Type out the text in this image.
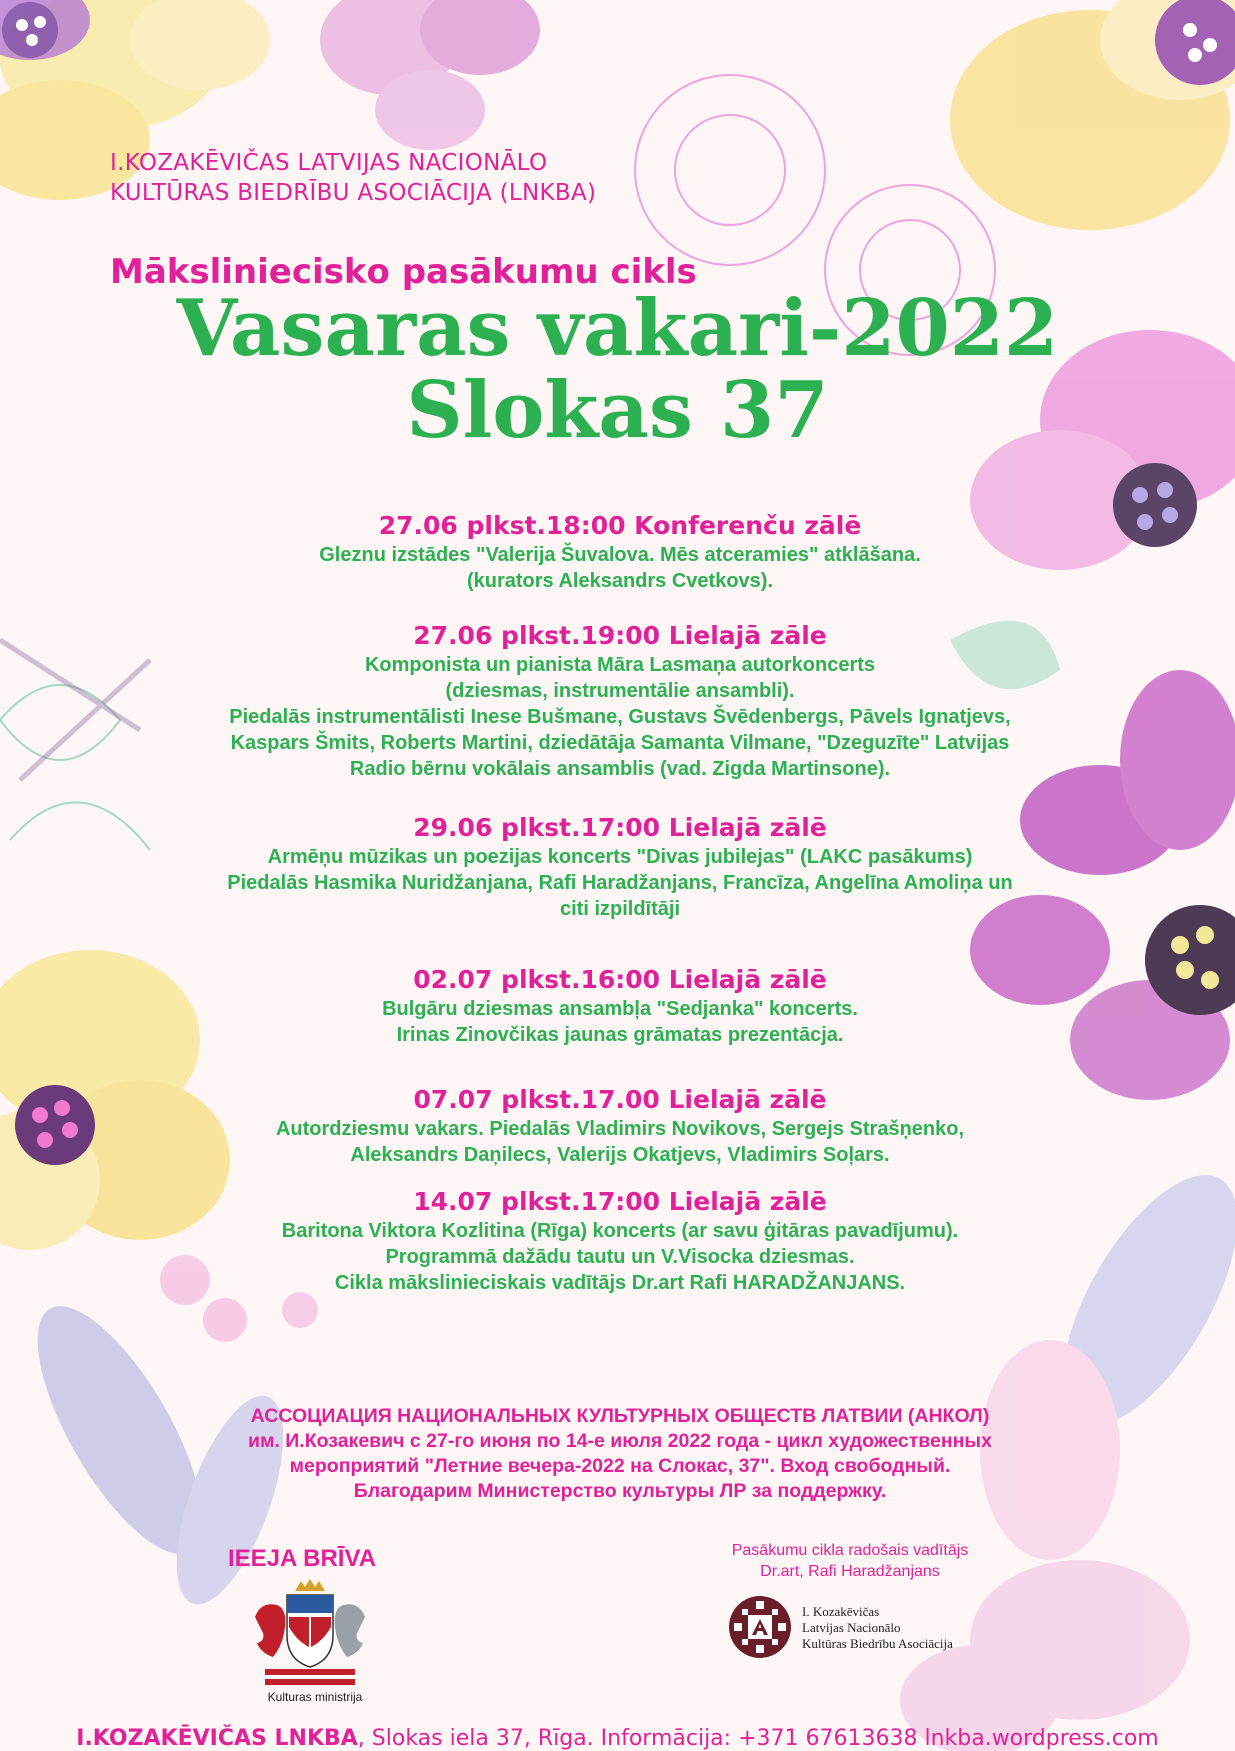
I.KOZAKĒVIČAS LATVIJAS NACIONĀLO
KULTŪRAS BIEDRĪBU ASOCIĀCIJA (LNKBA)
Mākslinieciskо pasākumu cikls
Vasaras vakari-2022
Slokas 37
27.06 plkst.18:00 Konferenču zālē
Gleznu izstādes "Valerija Šuvalova. Mēs atceramies" atklāšana.
(kurators Aleksandrs Cvetkovs).
27.06 plkst.19:00 Lielajā zāle
Komponista un pianista Māra Lasmaņa autorkoncerts
(dziesmas, instrumentālie ansambli).
Piedalās instrumentālisti Inese Bušmane, Gustavs Švēdenbergs, Pāvels Ignatjevs,
Kaspars Šmits, Roberts Martini, dziedātāja Samanta Vilmane, "Dzeguzīte" Latvijas
Radio bērnu vokālais ansamblis (vad. Zigda Martinsone).
29.06 plkst.17:00 Lielajā zālē
Armēņu mūzikas un poezijas koncerts "Divas jubilejas" (LAKC pasākums)
Piedalās Hasmika Nuridžanjana, Rafi Haradžanjans, Francīza, Angelīna Amoliņa un
citi izpildītāji
02.07 plkst.16:00 Lielajā zālē
Bulgāru dziesmas ansambļa "Sedjanka" koncerts.
Irinas Zinovčikas jaunas grāmatas prezentācja.
07.07 plkst.17.00 Lielajā zālē
Autordziesmu vakars. Piedalās Vladimirs Novikovs, Sergejs Strašņenko,
Aleksandrs Daņilecs, Valerijs Okatjevs, Vladimirs Soļars.
14.07 plkst.17:00 Lielajā zālē
Baritona Viktora Kozlitina (Rīga) koncerts (ar savu ģitāras pavadījumu).
Programmā dažādu tautu un V.Visocka dziesmas.
Cikla mākslinieciskais vadītājs Dr.art Rafi HARADŽANJANS.
АССОЦИАЦИЯ НАЦИОНАЛЬНЫХ КУЛЬТУРНЫХ ОБЩЕСТВ ЛАТВИИ (АНКОЛ)
им. И.Козакевич с 27-го июня по 14-е июля 2022 года - цикл художественных
мероприятий "Летние вечера-2022 на Слокас, 37". Вход свободный.
Благодарим Министерство культуры ЛР за поддержку.
IEEJA BRĪVA
Kulturas ministrija
Pasākumu cikla radošais vadītājs
Dr.art, Rafi Haradžanjans
I. Kozakēvičas
Latvijas Nacionālo
Kultūras Biedrību Asociācija
I.KOZAKĒVIČAS LNKBA, Slokas iela 37, Rīga. Informācija: +371 67613638 lnkba.wordpress.com
